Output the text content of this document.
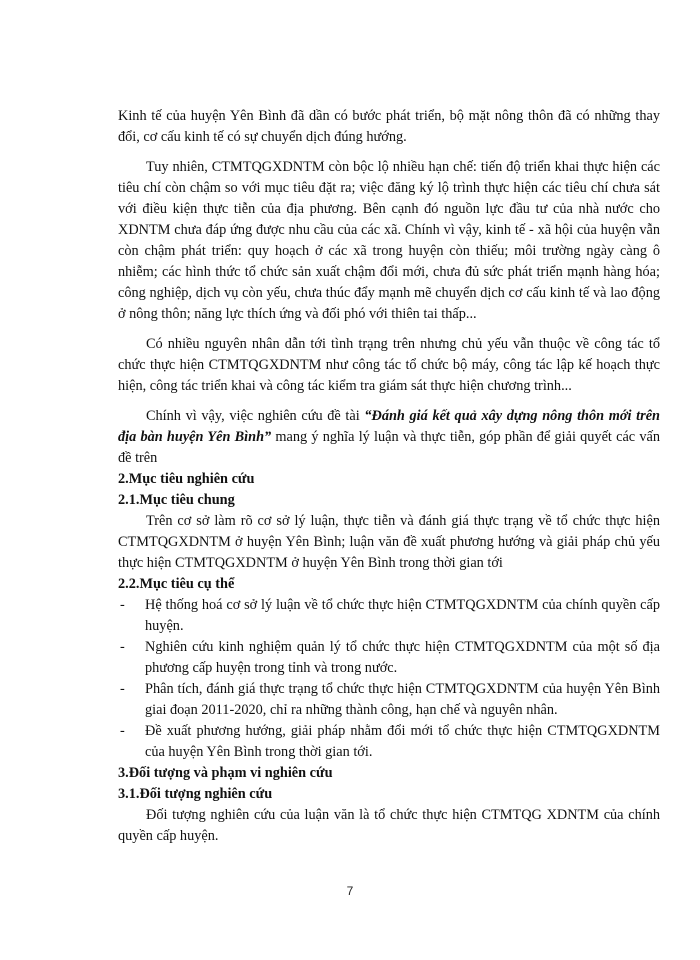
Kinh tế của huyện Yên Bình đã dần có bước phát triển, bộ mặt nông thôn đã có những thay đổi, cơ cấu kinh tế có sự chuyển dịch đúng hướng.

Tuy nhiên, CTMTQGXDNTM còn bộc lộ nhiều hạn chế: tiến độ triển khai thực hiện các tiêu chí còn chậm so với mục tiêu đặt ra; việc đăng ký lộ trình thực hiện các tiêu chí chưa sát với điều kiện thực tiễn của địa phương. Bên cạnh đó nguồn lực đầu tư của nhà nước cho XDNTM chưa đáp ứng được nhu cầu của các xã. Chính vì vậy, kinh tế - xã hội của huyện vẫn còn chậm phát triển: quy hoạch ở các xã trong huyện còn thiếu; môi trường ngày càng ô nhiễm; các hình thức tổ chức sản xuất chậm đổi mới, chưa đủ sức phát triển mạnh hàng hóa; công nghiệp, dịch vụ còn yếu, chưa thúc đẩy mạnh mẽ chuyển dịch cơ cấu kinh tế và lao động ở nông thôn; năng lực thích ứng và đối phó với thiên tai thấp...

Có nhiều nguyên nhân dẫn tới tình trạng trên nhưng chủ yếu vẫn thuộc về công tác tổ chức thực hiện CTMTQGXDNTM như công tác tổ chức bộ máy, công tác lập kế hoạch thực hiện, công tác triển khai và công tác kiểm tra giám sát thực hiện chương trình...

Chính vì vậy, việc nghiên cứu đề tài “Đánh giá kết quả xây dựng nông thôn mới trên địa bàn huyện Yên Bình” mang ý nghĩa lý luận và thực tiễn, góp phần để giải quyết các vấn đề trên

2.Mục tiêu nghiên cứu

2.1.Mục tiêu chung

Trên cơ sở làm rõ cơ sở lý luận, thực tiễn và đánh giá thực trạng về tổ chức thực hiện CTMTQGXDNTM ở huyện Yên Bình; luận văn đề xuất phương hướng và giải pháp chủ yếu thực hiện CTMTQGXDNTM ở huyện Yên Bình trong thời gian tới

2.2.Mục tiêu cụ thể

- Hệ thống hoá cơ sở lý luận về tổ chức thực hiện CTMTQGXDNTM của chính quyền cấp huyện.
- Nghiên cứu kinh nghiệm quản lý tổ chức thực hiện CTMTQGXDNTM của một số địa phương cấp huyện trong tỉnh và trong nước.
- Phân tích, đánh giá thực trạng tổ chức thực hiện CTMTQGXDNTM của huyện Yên Bình giai đoạn 2011-2020, chỉ ra những thành công, hạn chế và nguyên nhân.
- Đề xuất phương hướng, giải pháp nhằm đổi mới tổ chức thực hiện CTMTQGXDNTM của huyện Yên Bình trong thời gian tới.

3.Đối tượng và phạm vi nghiên cứu

3.1.Đối tượng nghiên cứu

Đối tượng nghiên cứu của luận văn là tổ chức thực hiện CTMTQG XDNTM của chính quyền cấp huyện.

7
